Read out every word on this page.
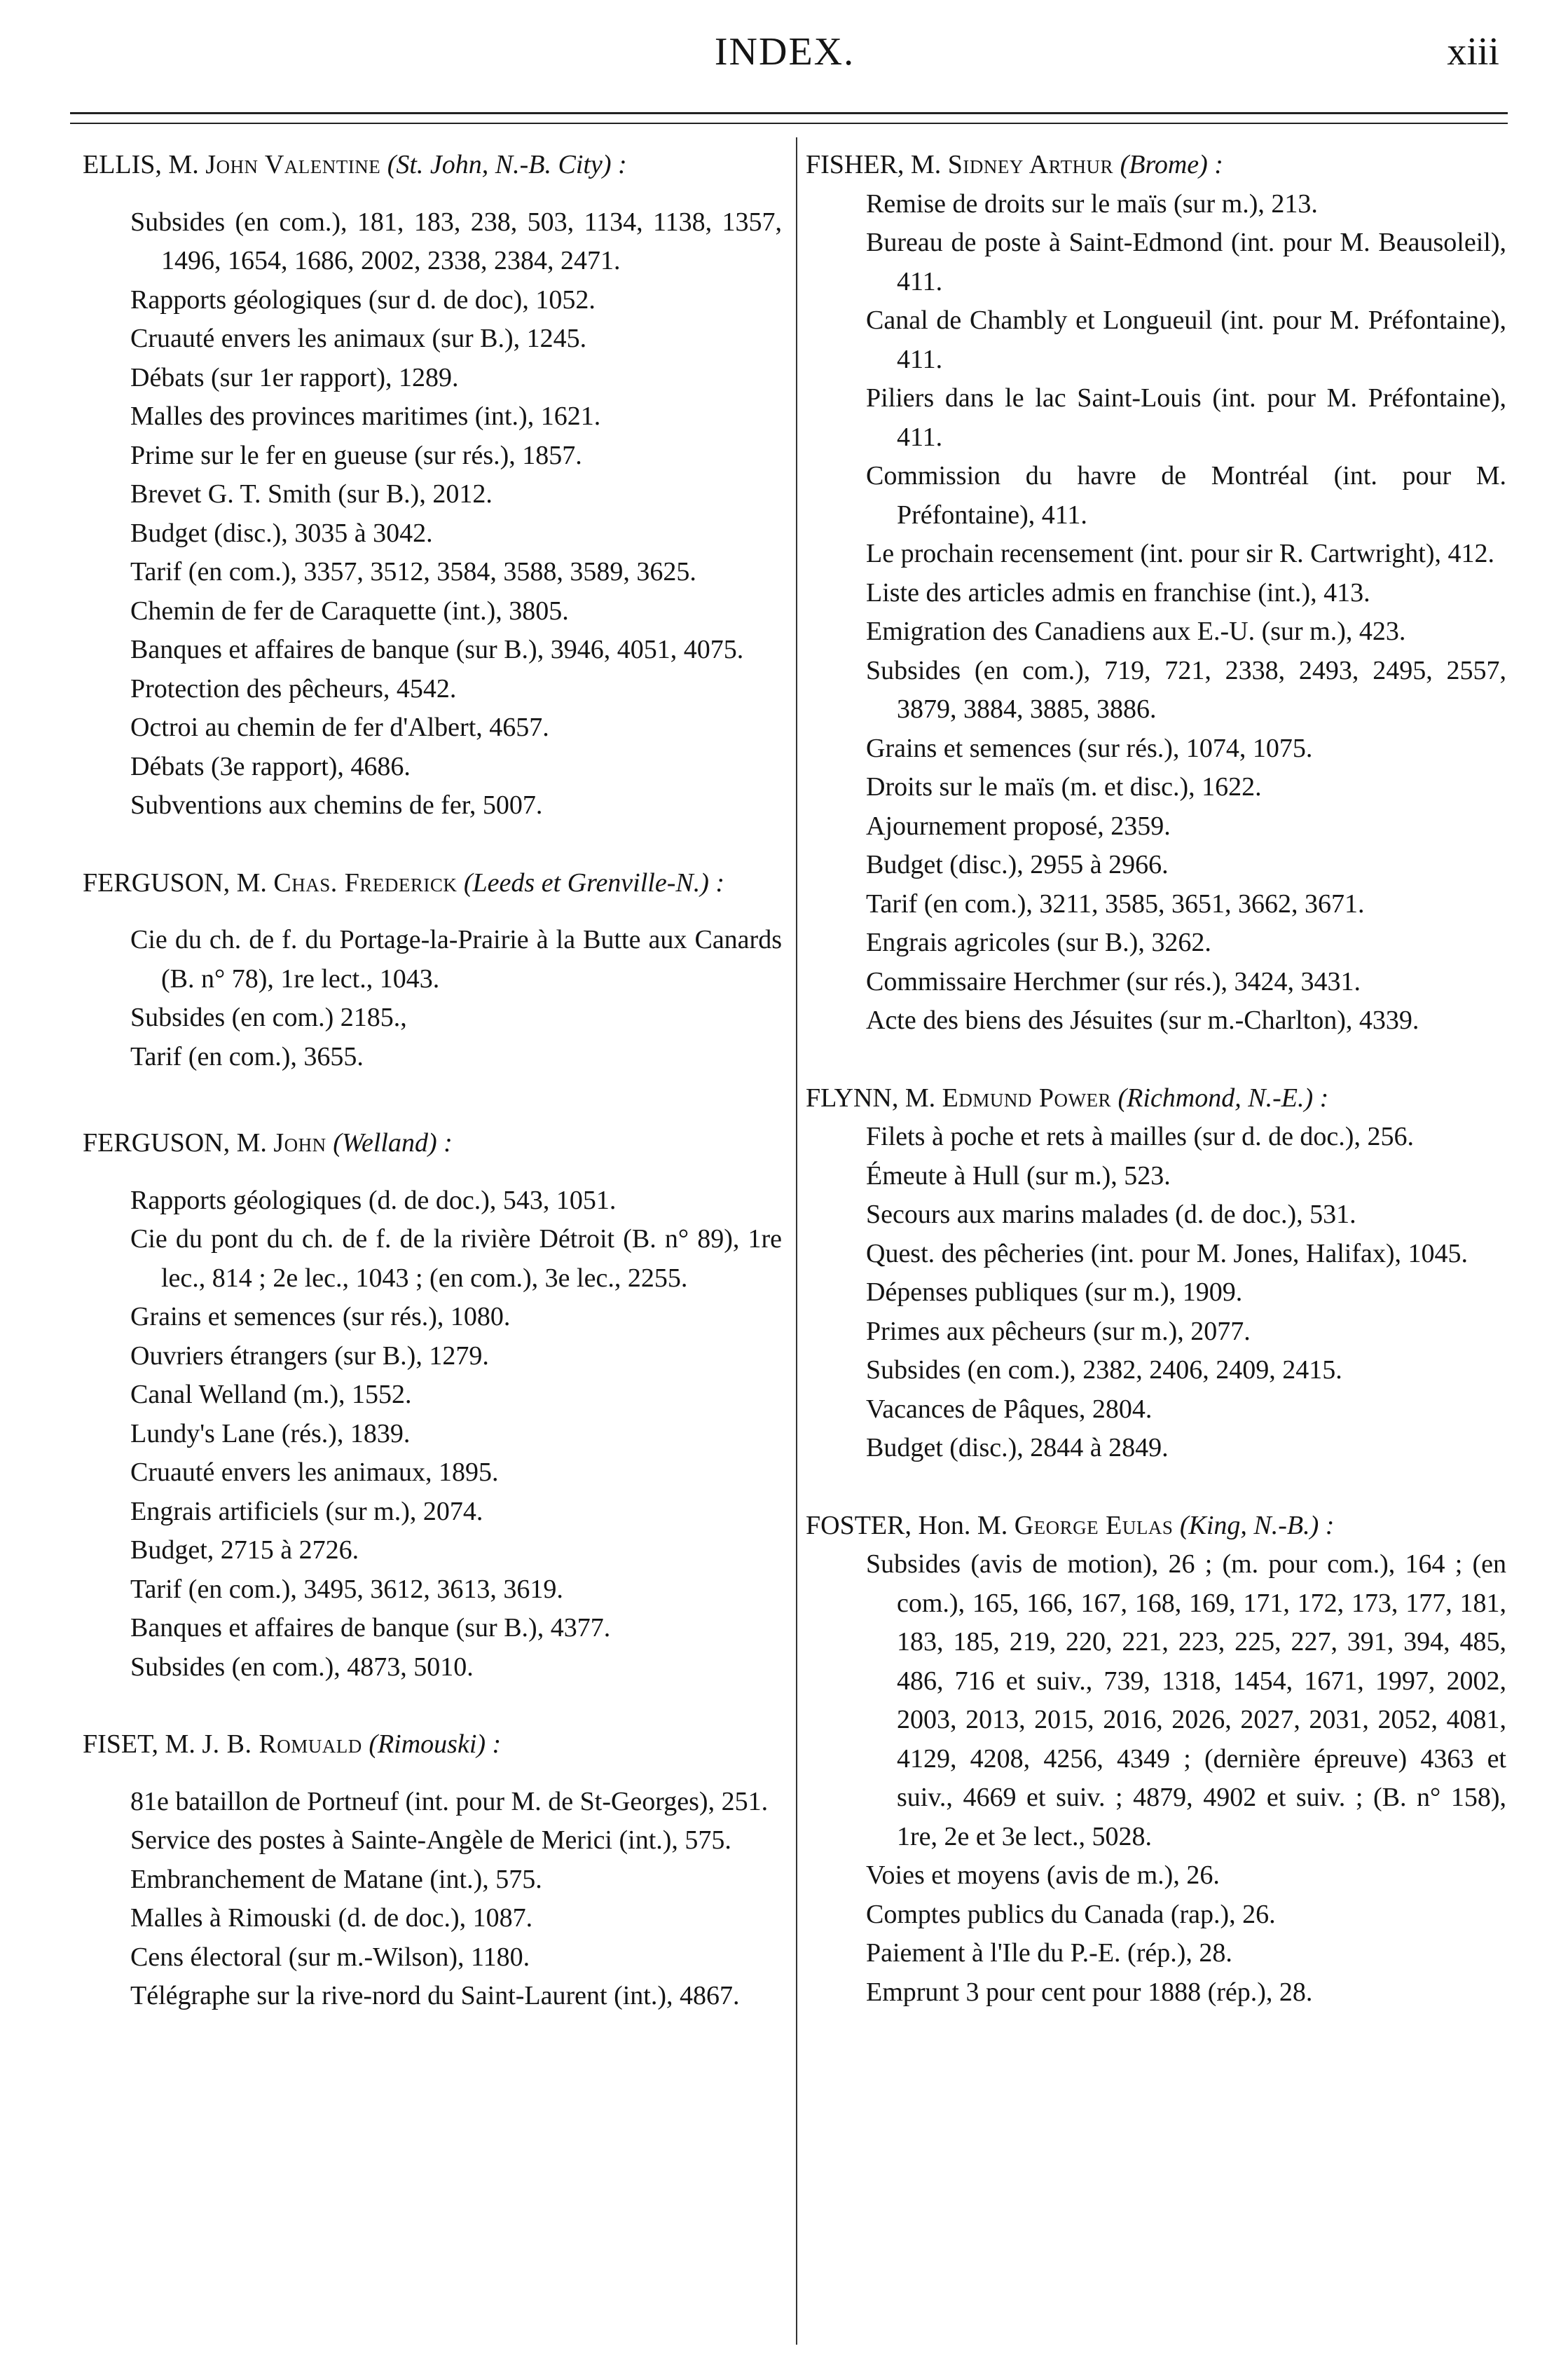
INDEX.	xiii
ELLIS, M. John Valentine (St. John, N.-B. City) :
Subsides (en com.), 181, 183, 238, 503, 1134, 1138, 1357, 1496, 1654, 1686, 2002, 2338, 2384, 2471.
Rapports géologiques (sur d. de doc), 1052.
Cruauté envers les animaux (sur B.), 1245.
Débats (sur 1er rapport), 1289.
Malles des provinces maritimes (int.), 1621.
Prime sur le fer en gueuse (sur rés.), 1857.
Brevet G. T. Smith (sur B.), 2012.
Budget (disc.), 3035 à 3042.
Tarif (en com.), 3357, 3512, 3584, 3588, 3589, 3625.
Chemin de fer de Caraquette (int.), 3805.
Banques et affaires de banque (sur B.), 3946, 4051, 4075.
Protection des pêcheurs, 4542.
Octroi au chemin de fer d'Albert, 4657.
Débats (3e rapport), 4686.
Subventions aux chemins de fer, 5007.
FERGUSON, M. Chas. Frederick (Leeds et Grenville-N.) :
Cie du ch. de f. du Portage-la-Prairie à la Butte aux Canards (B. n° 78), 1re lect., 1043.
Subsides (en com.) 2185.,
Tarif (en com.), 3655.
FERGUSON, M. John (Welland) :
Rapports géologiques (d. de doc.), 543, 1051.
Cie du pont du ch. de f. de la rivière Détroit (B. n° 89), 1re lec., 814 ; 2e lec., 1043 ; (en com.), 3e lec., 2255.
Grains et semences (sur rés.), 1080.
Ouvriers étrangers (sur B.), 1279.
Canal Welland (m.), 1552.
Lundy's Lane (rés.), 1839.
Cruauté envers les animaux, 1895.
Engrais artificiels (sur m.), 2074.
Budget, 2715 à 2726.
Tarif (en com.), 3495, 3612, 3613, 3619.
Banques et affaires de banque (sur B.), 4377.
Subsides (en com.), 4873, 5010.
FISET, M. J. B. Romuald (Rimouski) :
81e bataillon de Portneuf (int. pour M. de St-Georges), 251.
Service des postes à Sainte-Angèle de Merici (int.), 575.
Embranchement de Matane (int.), 575.
Malles à Rimouski (d. de doc.), 1087.
Cens électoral (sur m.-Wilson), 1180.
Télégraphe sur la rive-nord du Saint-Laurent (int.), 4867.
FISHER, M. Sidney Arthur (Brome) :
Remise de droits sur le maïs (sur m.), 213.
Bureau de poste à Saint-Edmond (int. pour M. Beausoleil), 411.
Canal de Chambly et Longueuil (int. pour M. Préfontaine), 411.
Piliers dans le lac Saint-Louis (int. pour M. Préfontaine), 411.
Commission du havre de Montréal (int. pour M. Préfontaine), 411.
Le prochain recensement (int. pour sir R. Cartwright), 412.
Liste des articles admis en franchise (int.), 413.
Emigration des Canadiens aux E.-U. (sur m.), 423.
Subsides (en com.), 719, 721, 2338, 2493, 2495, 2557, 3879, 3884, 3885, 3886.
Grains et semences (sur rés.), 1074, 1075.
Droits sur le maïs (m. et disc.), 1622.
Ajournement proposé, 2359.
Budget (disc.), 2955 à 2966.
Tarif (en com.), 3211, 3585, 3651, 3662, 3671.
Engrais agricoles (sur B.), 3262.
Commissaire Herchmer (sur rés.), 3424, 3431.
Acte des biens des Jésuites (sur m.-Charlton), 4339.
FLYNN, M. Edmund Power (Richmond, N.-E.) :
Filets à poche et rets à mailles (sur d. de doc.), 256.
Émeute à Hull (sur m.), 523.
Secours aux marins malades (d. de doc.), 531.
Quest. des pêcheries (int. pour M. Jones, Halifax), 1045.
Dépenses publiques (sur m.), 1909.
Primes aux pêcheurs (sur m.), 2077.
Subsides (en com.), 2382, 2406, 2409, 2415.
Vacances de Pâques, 2804.
Budget (disc.), 2844 à 2849.
FOSTER, Hon. M. George Eulas (King, N.-B.) :
Subsides (avis de motion), 26 ; (m. pour com.), 164 ; (en com.), 165, 166, 167, 168, 169, 171, 172, 173, 177, 181, 183, 185, 219, 220, 221, 223, 225, 227, 391, 394, 485, 486, 716 et suiv., 739, 1318, 1454, 1671, 1997, 2002, 2003, 2013, 2015, 2016, 2026, 2027, 2031, 2052, 4081, 4129, 4208, 4256, 4349 ; (dernière épreuve) 4363 et suiv., 4669 et suiv. ; 4879, 4902 et suiv. ; (B. n° 158), 1re, 2e et 3e lect., 5028.
Voies et moyens (avis de m.), 26.
Comptes publics du Canada (rap.), 26.
Paiement à l'Ile du P.-E. (rép.), 28.
Emprunt 3 pour cent pour 1888 (rép.), 28.
